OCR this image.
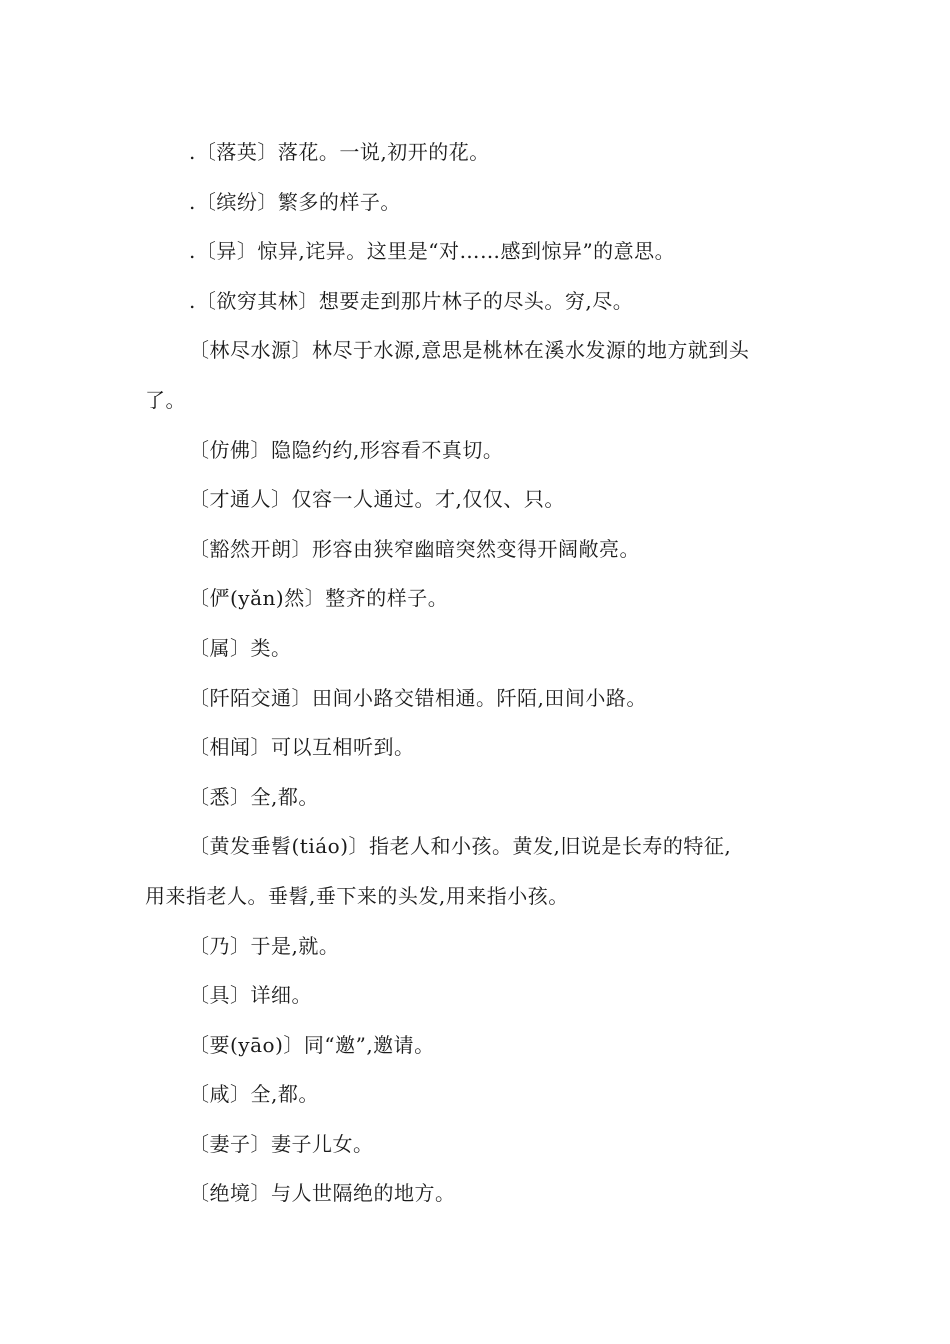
.〔落英〕落花。一说,初开的花。
.〔缤纷〕繁多的样子。
.〔异〕惊异,诧异。这里是“对……感到惊异”的意思。
.〔欲穷其林〕想要走到那片林子的尽头。穷,尽。
〔林尽水源〕林尽于水源,意思是桃林在溪水发源的地方就到头
了。
〔仿佛〕隐隐约约,形容看不真切。
〔才通人〕仅容一人通过。才,仅仅、只。
〔豁然开朗〕形容由狭窄幽暗突然变得开阔敞亮。
〔俨(yǎn)然〕整齐的样子。
〔属〕类。
〔阡陌交通〕田间小路交错相通。阡陌,田间小路。
〔相闻〕可以互相听到。
〔悉〕全,都。
〔黄发垂髫(tiáo)〕指老人和小孩。黄发,旧说是长寿的特征,
用来指老人。垂髫,垂下来的头发,用来指小孩。
〔乃〕于是,就。
〔具〕详细。
〔要(yāo)〕同“邀”,邀请。
〔咸〕全,都。
〔妻子〕妻子儿女。
〔绝境〕与人世隔绝的地方。
